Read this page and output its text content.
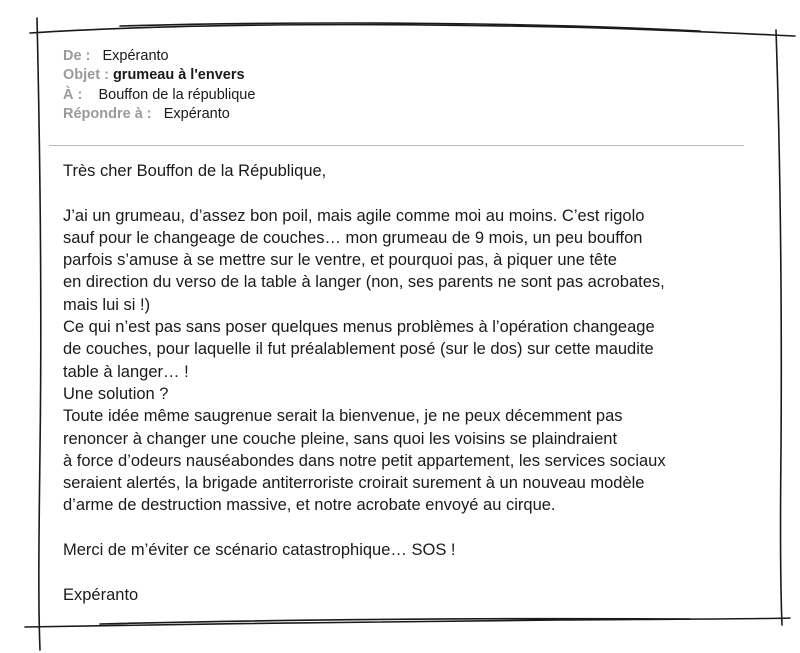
De : Expéranto
Objet : grumeau à l'envers
À : Bouffon de la république
Répondre à : Expéranto
Très cher Bouffon de la République,
J’ai un grumeau, d’assez bon poil, mais agile comme moi au moins. C’est rigolo
sauf pour le changeage de couches… mon grumeau de 9 mois, un peu bouffon
parfois s’amuse à se mettre sur le ventre, et pourquoi pas, à piquer une tête
en direction du verso de la table à langer (non, ses parents ne sont pas acrobates,
mais lui si !)
Ce qui n’est pas sans poser quelques menus problèmes à l’opération changeage
de couches, pour laquelle il fut préalablement posé (sur le dos) sur cette maudite
table à langer… !
Une solution ?
Toute idée même saugrenue serait la bienvenue, je ne peux décemment pas
renoncer à changer une couche pleine, sans quoi les voisins se plaindraient
à force d’odeurs nauséabondes dans notre petit appartement, les services sociaux
seraient alertés, la brigade antiterroriste croirait surement à un nouveau modèle
d’arme de destruction massive, et notre acrobate envoyé au cirque.
Merci de m’éviter ce scénario catastrophique… SOS !
Expéranto
